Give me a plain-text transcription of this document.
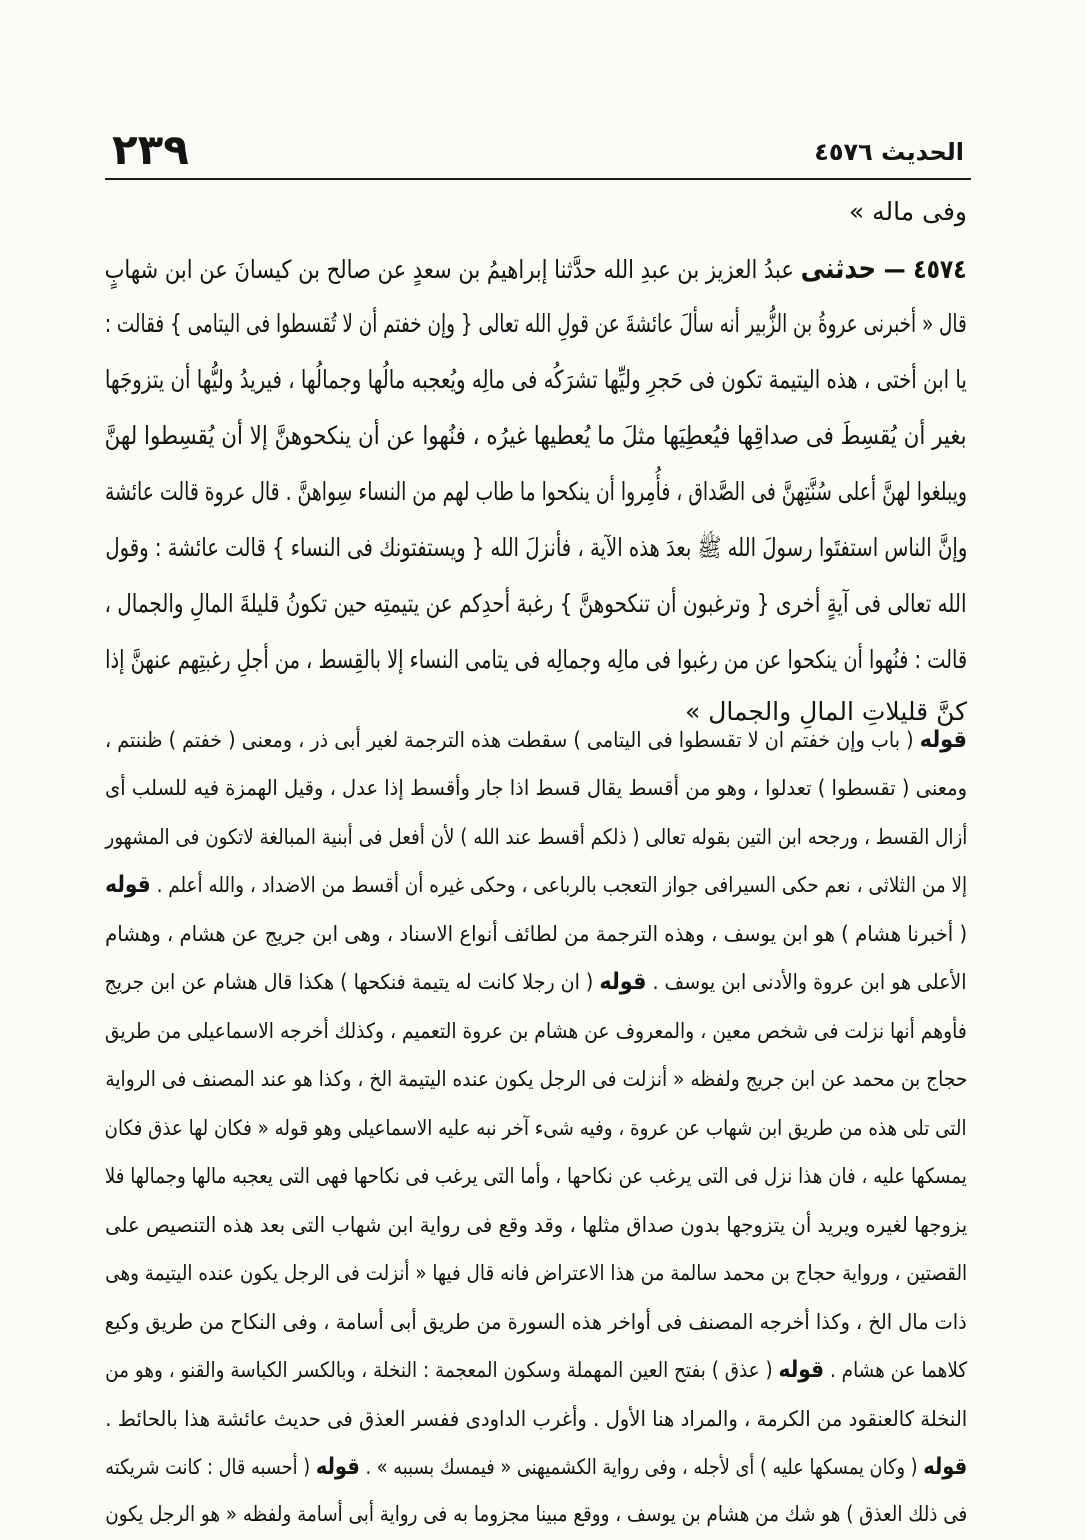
٢٣٩	الحديث ٤٥٧٦
وفى ماله »
٤٥٧٤ — حدثنى عبدُ العزيز بن عبدِ الله حدَّثنا إبراهيمُ بن سعدٍ عن صالح بن كيسانَ عن ابن شهابٍ
قال « أخبرنى عروةُ بن الزُّبير أنه سألَ عائشةَ عن قولِ الله تعالى { وإن خفتم أن لا تُقسطوا فى اليتامى } فقالت :
يا ابن أختى ، هذه اليتيمة تكون فى حَجرِ وليِّها تشرَكُه فى مالِه ويُعجبه مالُها وجمالُها ، فيريدُ وليُّها أن يتزوجَها
بغير أن يُقسِطَ فى صداقِها فيُعطِيَها مثلَ ما يُعطيها غيرُه ، فنُهوا عن أن ينكحوهنَّ إلا أن يُقسِطوا لهنَّ
ويبلغوا لهنَّ أعلى سُنَّتِهنَّ فى الصَّداق ، فأُمِروا أن ينكحوا ما طاب لهم من النساء سِواهنَّ . قال عروة قالت عائشة
وإنَّ الناس استفتَوا رسولَ الله ﷺ بعدَ هذه الآية ، فأنزلَ الله { ويستفتونك فى النساء } قالت عائشة : وقول
الله تعالى فى آيةٍ أخرى { وترغبون أن تنكحوهنَّ } رغبة أحدِكم عن يتيمتِه حين تكونُ قليلةَ المالِ والجمال ،
قالت : فنُهوا أن ينكحوا عن من رغبوا فى مالِه وجمالِه فى يتامى النساء إلا بالقِسط ، من أجلِ رغبتِهم عنهنَّ إذا
كنَّ قليلاتِ المالِ والجمال »
قوله ( باب وإن خفتم ان لا تقسطوا فى اليتامى ) سقطت هذه الترجمة لغير أبى ذر ، ومعنى ( خفتم ) ظننتم ،
ومعنى ( تقسطوا ) تعدلوا ، وهو من أقسط يقال قسط اذا جار وأقسط إذا عدل ، وقيل الهمزة فيه للسلب أى
أزال القسط ، ورجحه ابن التين بقوله تعالى ( ذلكم أقسط عند الله ) لأن أفعل فى أبنية المبالغة لاتكون فى المشهور
إلا من الثلاثى ، نعم حكى السيرافى جواز التعجب بالرباعى ، وحكى غيره أن أقسط من الاضداد ، والله أعلم . قوله
( أخبرنا هشام ) هو ابن يوسف ، وهذه الترجمة من لطائف أنواع الاسناد ، وهى ابن جريج عن هشام ، وهشام
الأعلى هو ابن عروة والأدنى ابن يوسف . قوله ( ان رجلا كانت له يتيمة فنكحها ) هكذا قال هشام عن ابن جريج
فأوهم أنها نزلت فى شخص معين ، والمعروف عن هشام بن عروة التعميم ، وكذلك أخرجه الاسماعيلى من طريق
حجاج بن محمد عن ابن جريج ولفظه « أنزلت فى الرجل يكون عنده اليتيمة الخ ، وكذا هو عند المصنف فى الرواية
التى تلى هذه من طريق ابن شهاب عن عروة ، وفيه شىء آخر نبه عليه الاسماعيلى وهو قوله « فكان لها عذق فكان
يمسكها عليه ، فان هذا نزل فى التى يرغب عن نكاحها ، وأما التى يرغب فى نكاحها فهى التى يعجبه مالها وجمالها فلا
يزوجها لغيره ويريد أن يتزوجها بدون صداق مثلها ، وقد وقع فى رواية ابن شهاب التى بعد هذه التنصيص على
القصتين ، ورواية حجاج بن محمد سالمة من هذا الاعتراض فانه قال فيها « أنزلت فى الرجل يكون عنده اليتيمة وهى
ذات مال الخ ، وكذا أخرجه المصنف فى أواخر هذه السورة من طريق أبى أسامة ، وفى النكاح من طريق وكيع
كلاهما عن هشام . قوله ( عذق ) بفتح العين المهملة وسكون المعجمة : النخلة ، وبالكسر الكباسة والقنو ، وهو من
النخلة كالعنقود من الكرمة ، والمراد هنا الأول . وأغرب الداودى ففسر العذق فى حديث عائشة هذا بالحائط .
قوله ( وكان يمسكها عليه ) أى لأجله ، وفى رواية الكشميهنى « فيمسك بسببه » . قوله ( أحسبه قال : كانت شريكته
فى ذلك العذق ) هو شك من هشام بن يوسف ، ووقع مبينا مجزوما به فى رواية أبى أسامة ولفظه « هو الرجل يكون
